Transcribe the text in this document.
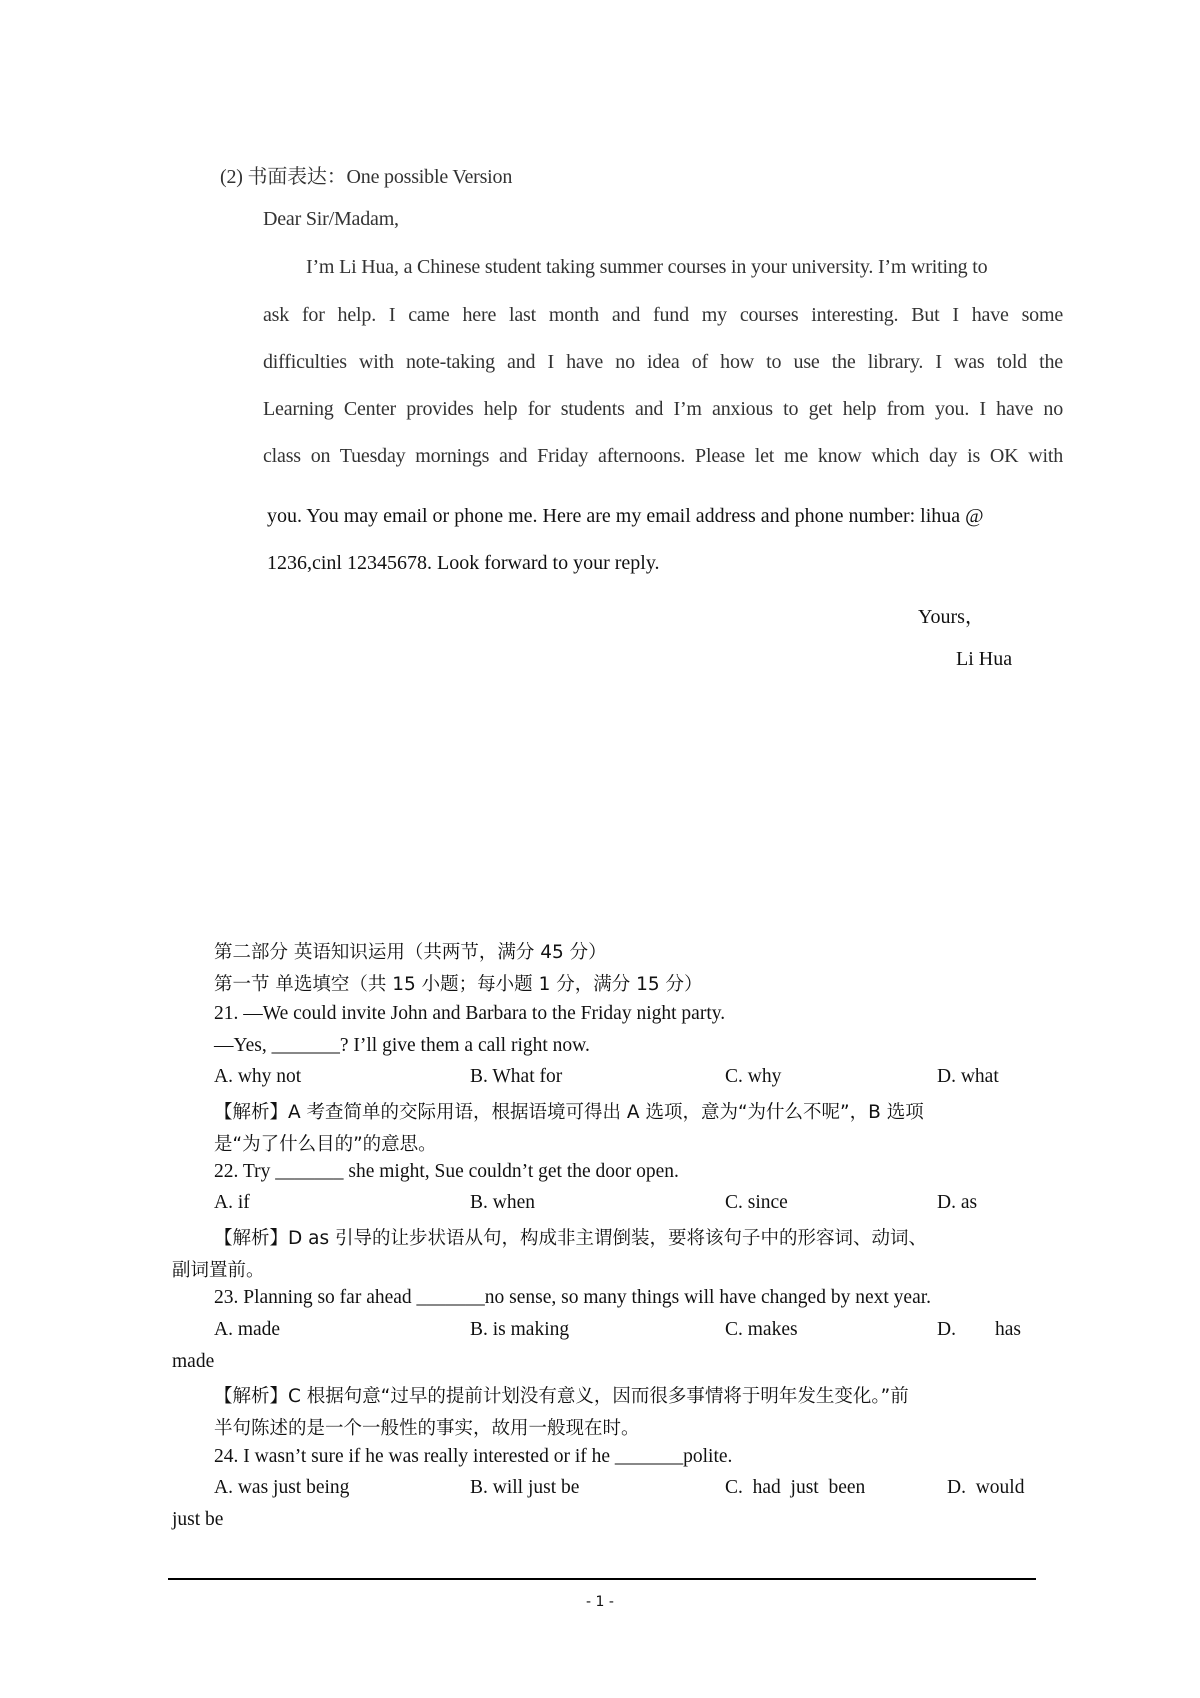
(2) 书面表达：One possible Version
Dear Sir/Madam,
I’m Li Hua, a Chinese student taking summer courses in your university. I’m writing to
ask for help. I came here last month and fund my courses interesting. But I have some
difficulties with note-taking and I have no idea of how to use the library. I was told the
Learning Center provides help for students and I’m anxious to get help from you. I have no
class on Tuesday mornings and Friday afternoons. Please let me know which day is OK with
you. You may email or phone me. Here are my email address and phone number: lihua @
1236,cinl 12345678. Look forward to your reply.
Yours，
Li Hua
第二部分 英语知识运用（共两节，满分 45 分）
第一节 单选填空（共 15 小题；每小题 1 分，满分 15 分）
21. —We could invite John and Barbara to the Friday night party.
—Yes, _______? I’ll give them a call right now.
A. why not	B. What for	C. why	D. what
【解析】A 考查简单的交际用语，根据语境可得出 A 选项，意为“为什么不呢”，B 选项
是“为了什么目的”的意思。
22. Try _______ she might, Sue couldn’t get the door open.
A. if	B. when	C. since	D. as
【解析】D as 引导的让步状语从句，构成非主谓倒装，要将该句子中的形容词、动词、
副词置前。
23. Planning so far ahead _______no sense, so many things will have changed by next year.
A. made	B. is making	C. makes	D.        has
made
【解析】C 根据句意“过早的提前计划没有意义，因而很多事情将于明年发生变化。”前
半句陈述的是一个一般性的事实，故用一般现在时。
24. I wasn’t sure if he was really interested or if he _______polite.
A. was just being	B. will just be	C.  had  just  been	D.  would
just be
- 1 -
